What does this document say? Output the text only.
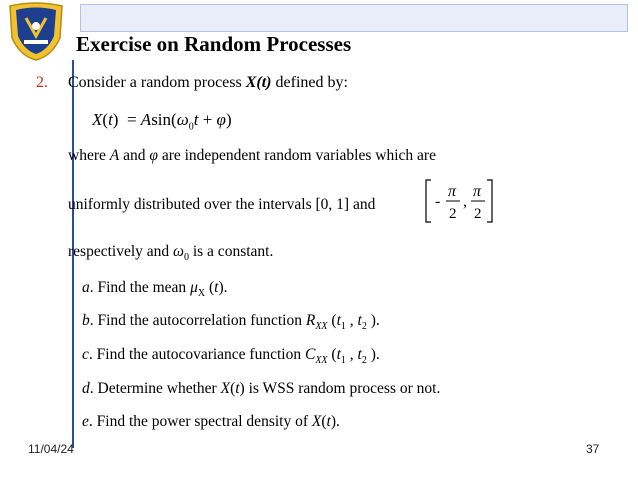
Exercise on Random Processes
2. Consider a random process X(t) defined by:
$X(t) = Asin(\omega_0t + \varphi)$
where A and φ are independent random variables which are
uniformly distributed over the intervals [0, 1] and	-
π
2
,
π
2
respectively and $\omega_0$ is a constant.
a. Find the mean $\mu_X$ (t).
b. Find the autocorrelation function $R_{XX}$ ($t_1$ , $t_2$ ).
c. Find the autocovariance function $C_{XX}$ ($t_1$ , $t_2$ ).
d. Determine whether X(t) is WSS random process or not.
e. Find the power spectral density of X(t).
11/04/24	37
